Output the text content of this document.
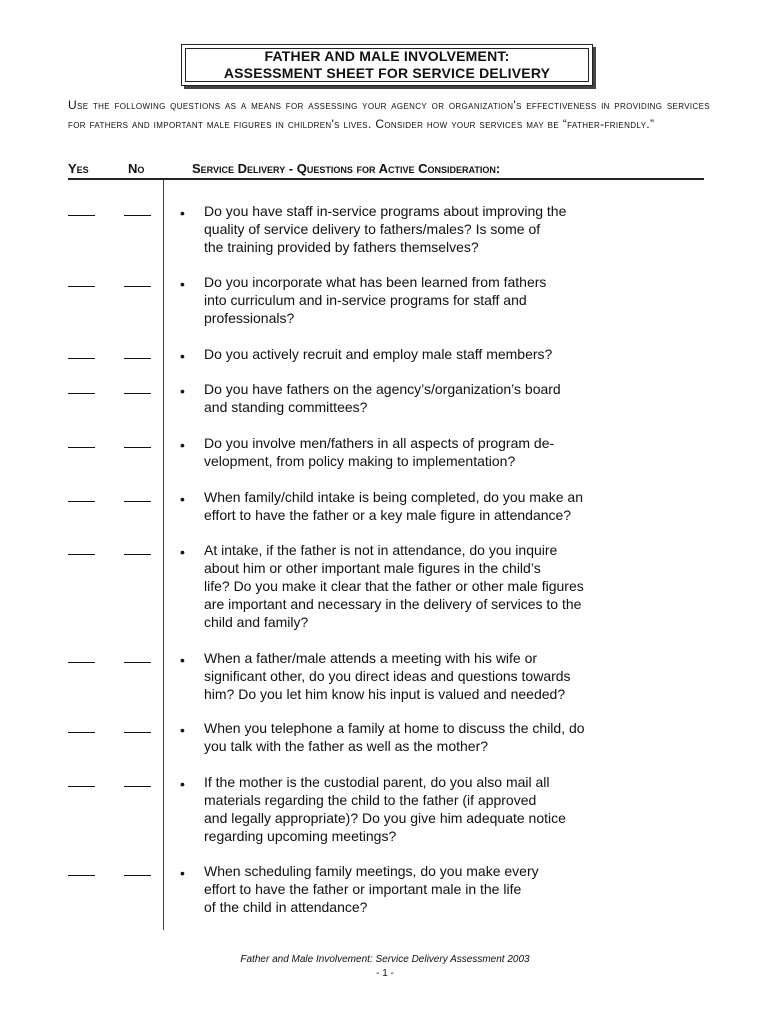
FATHER AND MALE INVOLVEMENT:
ASSESSMENT SHEET FOR SERVICE DELIVERY
Use the following questions as a means for assessing your agency or organization's effectiveness in providing services for fathers and important male figures in children's lives. Consider how your services may be “father-friendly.”
Yes	No	Service Delivery - Questions for Active Consideration:
• Do you have staff in-service programs about improving the
quality of service delivery to fathers/males? Is some of
the training provided by fathers themselves?
• Do you incorporate what has been learned from fathers
into curriculum and in-service programs for staff and
professionals?
• Do you actively recruit and employ male staff members?
• Do you have fathers on the agency’s/organization’s board
and standing committees?
• Do you involve men/fathers in all aspects of program de-
velopment, from policy making to implementation?
• When family/child intake is being completed, do you make an
effort to have the father or a key male figure in attendance?
• At intake, if the father is not in attendance, do you inquire
about him or other important male figures in the child’s
life? Do you make it clear that the father or other male figures
are important and necessary in the delivery of services to the
child and family?
• When a father/male attends a meeting with his wife or
significant other, do you direct ideas and questions towards
him? Do you let him know his input is valued and needed?
• When you telephone a family at home to discuss the child, do
you talk with the father as well as the mother?
• If the mother is the custodial parent, do you also mail all
materials regarding the child to the father (if approved
and legally appropriate)? Do you give him adequate notice
regarding upcoming meetings?
• When scheduling family meetings, do you make every
effort to have the father or important male in the life
of the child in attendance?
Father and Male Involvement: Service Delivery Assessment 2003
- 1 -
